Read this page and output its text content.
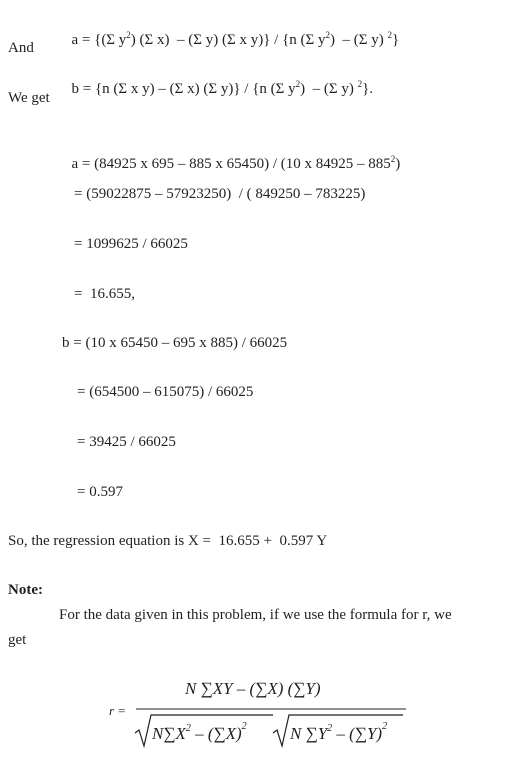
a = {(Σ $y^2$) (Σ x)  – (Σ y) (Σ x y)} / {n (Σ $y^2) - (\Sigma$ y) $^2$}

And

b = {n (Σ x y) – (Σ x) (Σ y)} / {n (Σ $y^2) - (\Sigma$ y) $^2$}.

We get

a = (84925 x 695 – 885 x 65450) / (10 x $84925 - 885^2$)

= (59022875 – 57923250)  / ( 849250 – 783225)
= 1099625 / 66025
=  16.655,
b = (10 x 65450 – 695 x 885) / 66025
= (654500 – 615075) / 66025
= 39425 / 66025
= 0.597
So, the regression equation is X =  16.655 +  0.597 Y
Note:
For the data given in this problem, if we use the formula for r, we
get
r =
N ∑XY – (∑X) (∑Y)
$N\sum X^2 - (\sum X)^2$	N $\sum Y^2 - (\sum Y)^2$
